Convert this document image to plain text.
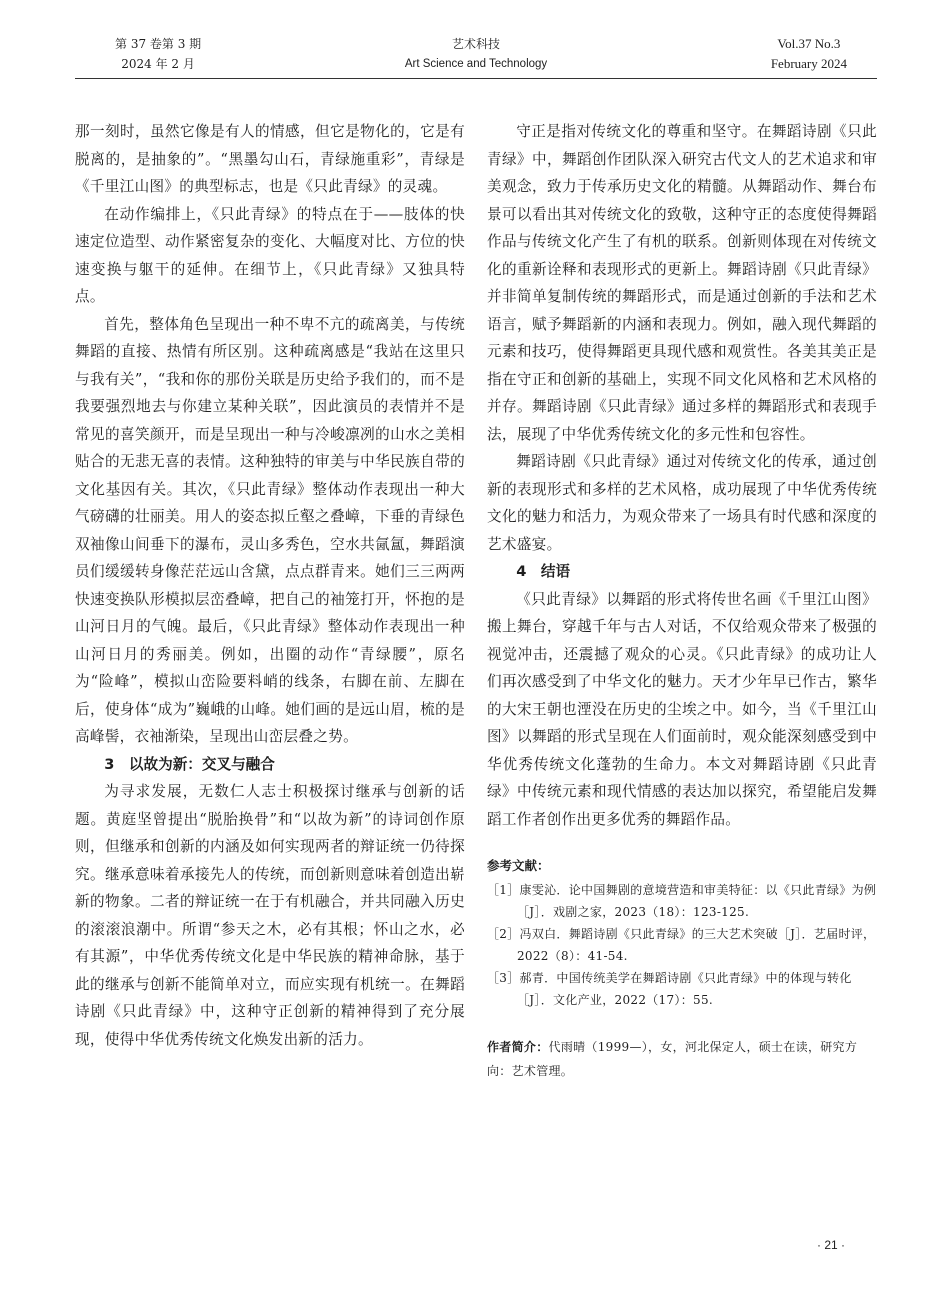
第 37 卷第 3 期
2024 年 2 月
艺术科技
Art Science and Technology
Vol.37 No.3
February 2024

那一刻时，虽然它像是有人的情感，但它是物化的，它是有脱离的，是抽象的”。“黑墨勾山石，青绿施重彩”，青绿是《千里江山图》的典型标志，也是《只此青绿》的灵魂。

在动作编排上，《只此青绿》的特点在于——肢体的快速定位造型、动作紧密复杂的变化、大幅度对比、方位的快速变换与躯干的延伸。在细节上，《只此青绿》又独具特点。

首先，整体角色呈现出一种不卑不亢的疏离美，与传统舞蹈的直接、热情有所区别。这种疏离感是“我站在这里只与我有关”，“我和你的那份关联是历史给予我们的，而不是我要强烈地去与你建立某种关联”，因此演员的表情并不是常见的喜笑颜开，而是呈现出一种与冷峻凛冽的山水之美相贴合的无悲无喜的表情。这种独特的审美与中华民族自带的文化基因有关。其次，《只此青绿》整体动作表现出一种大气磅礴的壮丽美。用人的姿态拟丘壑之叠嶂，下垂的青绿色双袖像山间垂下的瀑布，灵山多秀色，空水共氤氲，舞蹈演员们缓缓转身像茫茫远山含黛，点点群青来。她们三三两两快速变换队形模拟层峦叠嶂，把自己的袖笼打开，怀抱的是山河日月的气魄。最后，《只此青绿》整体动作表现出一种山河日月的秀丽美。例如，出圈的动作“青绿腰”，原名为“险峰”，模拟山峦险要料峭的线条，右脚在前、左脚在后，使身体“成为”巍峨的山峰。她们画的是远山眉，梳的是高峰髻，衣袖渐染，呈现出山峦层叠之势。

3　以故为新：交叉与融合

为寻求发展，无数仁人志士积极探讨继承与创新的话题。黄庭坚曾提出“脱胎换骨”和“以故为新”的诗词创作原则，但继承和创新的内涵及如何实现两者的辩证统一仍待探究。继承意味着承接先人的传统，而创新则意味着创造出崭新的物象。二者的辩证统一在于有机融合，并共同融入历史的滚滚浪潮中。所谓“参天之木，必有其根；怀山之水，必有其源”，中华优秀传统文化是中华民族的精神命脉，基于此的继承与创新不能简单对立，而应实现有机统一。在舞蹈诗剧《只此青绿》中，这种守正创新的精神得到了充分展现，使得中华优秀传统文化焕发出新的活力。

守正是指对传统文化的尊重和坚守。在舞蹈诗剧《只此青绿》中，舞蹈创作团队深入研究古代文人的艺术追求和审美观念，致力于传承历史文化的精髓。从舞蹈动作、舞台布景可以看出其对传统文化的致敬，这种守正的态度使得舞蹈作品与传统文化产生了有机的联系。创新则体现在对传统文化的重新诠释和表现形式的更新上。舞蹈诗剧《只此青绿》并非简单复制传统的舞蹈形式，而是通过创新的手法和艺术语言，赋予舞蹈新的内涵和表现力。例如，融入现代舞蹈的元素和技巧，使得舞蹈更具现代感和观赏性。各美其美正是指在守正和创新的基础上，实现不同文化风格和艺术风格的并存。舞蹈诗剧《只此青绿》通过多样的舞蹈形式和表现手法，展现了中华优秀传统文化的多元性和包容性。

舞蹈诗剧《只此青绿》通过对传统文化的传承，通过创新的表现形式和多样的艺术风格，成功展现了中华优秀传统文化的魅力和活力，为观众带来了一场具有时代感和深度的艺术盛宴。

4　结语

《只此青绿》以舞蹈的形式将传世名画《千里江山图》搬上舞台，穿越千年与古人对话，不仅给观众带来了极强的视觉冲击，还震撼了观众的心灵。《只此青绿》的成功让人们再次感受到了中华文化的魅力。天才少年早已作古，繁华的大宋王朝也湮没在历史的尘埃之中。如今，当《千里江山图》以舞蹈的形式呈现在人们面前时，观众能深刻感受到中华优秀传统文化蓬勃的生命力。本文对舞蹈诗剧《只此青绿》中传统元素和现代情感的表达加以探究，希望能启发舞蹈工作者创作出更多优秀的舞蹈作品。

参考文献：
［1］康雯沁．论中国舞剧的意境营造和审美特征：以《只此青绿》为例［J］．戏剧之家，2023（18）：123-125.
［2］冯双白．舞蹈诗剧《只此青绿》的三大艺术突破［J］．艺届时评，2022（8）：41-54.
［3］郝青．中国传统美学在舞蹈诗剧《只此青绿》中的体现与转化［J］．文化产业，2022（17）：55.
作者简介：代雨晴（1999—），女，河北保定人，硕士在读，研究方向：艺术管理。
· 21 ·
